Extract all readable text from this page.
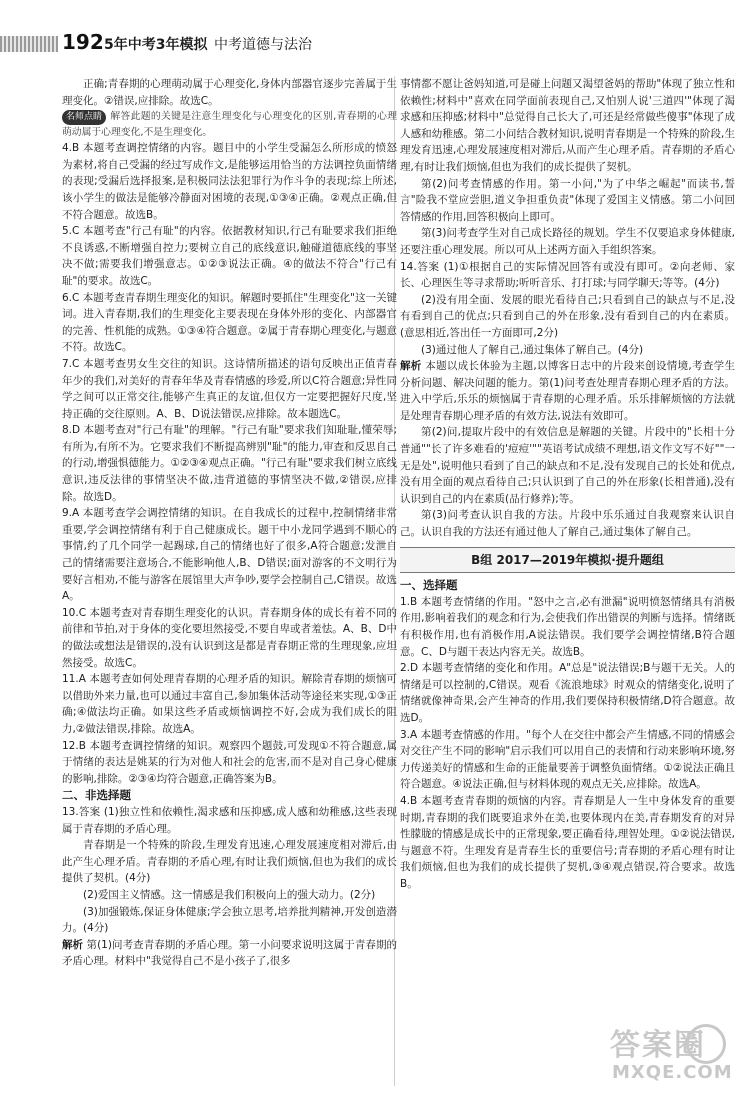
192 5年中考3年模拟 中考道德与法治

正确;青春期的心理萌动属于心理变化,身体内部器官逐步完善属于生理变化。②错误,应排除。故选C。

名师点睛 解答此题的关键是注意生理变化与心理变化的区别,青春期的心理萌动属于心理变化,不是生理变化。

4.B 本题考查调控情绪的内容。题目中的小学生受漏怎么所形成的愤怒为素材,将自己受漏的经过写成作文,是能够运用恰当的方法调控负面情绪的表现;受漏后选择报案,是积极同法法犯罪行为作斗争的表现;综上所述,该小学生的做法是能够冷静面对困境的表现,①③④正确。②观点正确,但不符合题意。故选B。

5.C 本题考查"行己有耻"的内容。依据教材知识,行己有耻要求我们拒绝不良诱惑,不断增强自控力;要树立自己的底线意识,触碰道德底线的事坚决不做;需要我们增强意志。①②③说法正确。④的做法不符合"行己有耻"的要求。故选C。

6.C 本题考查青春期生理变化的知识。解题时要抓住"生理变化"这一关键词。进入青春期,我们的生理变化主要表现在身体外形的变化、内部器官的完善、性机能的成熟。①③④符合题意。②属于青春期心理变化,与题意不符。故选C。

7.C 本题考查男女生交往的知识。这诗情所描述的语句反映出正值青春年少的我们,对美好的青春年华及青春情感的珍爱,所以C符合题意;异性同学之间可以正常交往,能够产生真正的友谊,但仅方一定要把握好尺度,坚持正确的交往原则。A、B、D说法错误,应排除。故本题选C。

8.D 本题考查对"行己有耻"的理解。"行己有耻"要求我们知耻耻,懂荣辱;有所为,有所不为。它要求我们不断提高辨别"耻"的能力,审查和反思自己的行动,增强惧德能力。①②③④观点正确。"行己有耻"要求我们树立底线意识,违反法律的事情坚决不做,违背道德的事情坚决不做,②错误,应排除。故选D。

9.A 本题考查学会调控情绪的知识。在自我成长的过程中,控制情绪非常重要,学会调控情绪有利于自己健康成长。题干中小龙同学遇到不顺心的事情,约了几个同学一起踢球,自己的情绪也好了很多,A符合题意;发泄自己的情绪需要注意场合,不能影响他人,B、D错误;面对游客的不文明行为要好言相劝,不能与游客在展馆里大声争吵,要学会控制自己,C错误。故选A。

10.C 本题考查对青春期生理变化的认识。青春期身体的成长有着不同的前律和节拍,对于身体的变化要坦然接受,不要自卑或者羞怯。A、B、D中的做法或想法是错误的,没有认识到这是都是青春期正常的生理现象,应坦然接受。故选C。

11.A 本题考查如何处理青春期的心理矛盾的知识。解除青春期的烦恼可以借助外来力量,也可以通过丰富自己,参加集体活动等途径来实现,①③正确;④做法均正确。如果这些矛盾或烦恼调控不好,会成为我们成长的阻力,②做法错误,排除。故选A。

12.B 本题考查调控情绪的知识。观察四个题鼓,可发现①不符合题意,属于情绪的表达是姚某的行为对他人和社会的危害,而不是对自己身心健康的影响,排除。②③④均符合题意,正确答案为B。

二、非选择题

13.答案 (1)独立性和依赖性,渴求感和压抑感,成人感和幼稚感,这些表现属于青春期的矛盾心理。

青春期是一个特殊的阶段,生理发育迅速,心理发展速度相对滞后,由此产生心理矛盾。青春期的矛盾心理,有时让我们烦恼,但也为我们的成长提供了契机。(4分)

(2)爱国主义情感。这一情感是我们积极向上的强大动力。(2分)

(3)加强锻炼,保证身体健康;学会独立思考,培养批判精神,开发创造潜力。(4分)

解析 第(1)问考查青春期的矛盾心理。第一小问要求说明这属于青春期的矛盾心理。材料中"我觉得自己不是小孩子了,很多

事情都不愿让爸妈知道,可是碰上问题又渴望爸妈的帮助"体现了独立性和依赖性;材料中"喜欢在同学面前表现自己,又怕别人说'三道四'"体现了渴求感和压抑感;材料中"总觉得自己长大了,可还是经常做些傻事"体现了成人感和幼稚感。第二小问结合教材知识,说明青春期是一个特殊的阶段,生理发育迅速,心理发展速度相对滞后,从而产生心理矛盾。青春期的矛盾心理,有时让我们烦恼,但也为我们的成长提供了契机。

第(2)问考查情感的作用。第一小问,"为了中华之崛起"而读书,誓言"险我不堂应尝胆,道义争担重负责"体现了爱国主义情感。第二小问回答情感的作用,回答积极向上即可。

第(3)问考查学生对自己成长路径的规划。学生不仅要追求身体健康,还要注重心理发展。所以可从上述两方面入手组织答案。

14.答案 (1)①根据自己的实际情况回答有或没有即可。②向老师、家长、心理医生等寻求帮助;听听音乐、打打球;与同学聊天;等等。(4分)

(2)没有用全面、发展的眼光看待自己;只看到自己的缺点与不足,没有看到自己的优点;只看到自己的外在形象,没有看到自己的内在素质。(意思相近,答出任一方面即可,2分)

(3)通过他人了解自己,通过集体了解自己。(4分)

解析 本题以成长体验为主题,以博客日志中的片段来创设情境,考查学生分析问题、解决问题的能力。第(1)问考查处理青春期心理矛盾的方法。进入中学后,乐乐的烦恼属于青春期的心理矛盾。乐乐排解烦恼的方法就是处理青春期心理矛盾的有效方法,说法有效即可。

第(2)问,提取片段中的有效信息是解题的关键。片段中的"长相十分普通""长了许多难看的'痘痘'""英语考试成绩不理想,语文作文写不好""一无是处",说明他只看到了自己的缺点和不足,没有发现自己的长处和优点,没有用全面的观点看待自己;只认识到了自己的外在形象(长相普通),没有认识到自己的内在素质(品行修养);等。

第(3)问考查认识自我的方法。片段中乐乐通过自我观察来认识自己。认识自我的方法还有通过他人了解自己,通过集体了解自己。

B组 2017—2019年模拟·提升题组

一、选择题

1.B 本题考查情绪的作用。"怒中之言,必有泄漏"说明愤怒情绪具有消极作用,影响着我们的观念和行为,会使我们作出错误的判断与选择。情绪既有积极作用,也有消极作用,A说法错误。我们要学会调控情绪,B符合题意。C、D与题干表达内容无关。故选B。

2.D 本题考查情绪的变化和作用。A"总是"说法错误;B与题干无关。人的情绪是可以控制的,C错误。观看《流浪地球》时观众的情绪变化,说明了情绪就像神奇果,会产生神奇的作用,我们要保持积极情绪,D符合题意。故选D。

3.A 本题考查情感的作用。"每个人在交往中都会产生情感,不同的情感会对交往产生不同的影响"启示我们可以用自己的表情和行动来影响环境,努力传递美好的情感和生命的正能量要善于调整负面情绪。①②说法正确且符合题意。④说法正确,但与材料体现的观点无关,应排除。故选A。

4.B 本题考查青春期的烦恼的内容。青春期是人一生中身体发育的重要时期,青春期的我们既要追求外在美,也要体现内在美,青春期发育的对异性朦胧的情感是成长中的正常现象,要正确看待,理智处理。①②说法错误,与题意不符。生理发育是青春生长的重要信号;青春期的矛盾心理有时让我们烦恼,但也为我们的成长提供了契机,③④观点错误,符合要求。故选B。

答案圈
MXQE.COM
